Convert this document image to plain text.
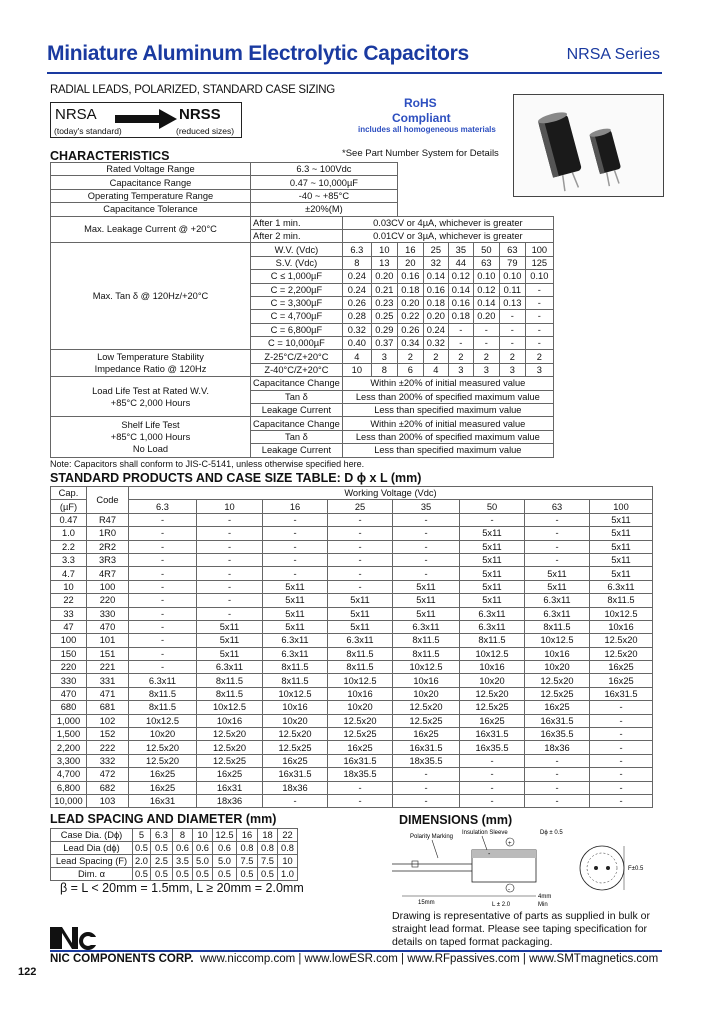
Miniature Aluminum Electrolytic Capacitors	NRSA Series
RADIAL LEADS, POLARIZED, STANDARD CASE SIZING
NRSA
(today's standard)
NRSS
(reduced sizes)
RoHS
Compliant
includes all homogeneous materials
CHARACTERISTICS	*See Part Number System for Details
Rated Voltage Range	6.3 ~ 100Vdc								
Capacitance Range	0.47 ~ 10,000µF								
Operating Temperature Range	-40 ~ +85°C								
Capacitance Tolerance	±20%(M)								
Max. Leakage Current @ +20°C	After 1 min.	0.03CV or 4µA, whichever is greater							
	After 2 min.	0.01CV or 3µA, whichever is greater							
Max. Tan δ @ 120Hz/+20°C	W.V. (Vdc)	6.3	10	16	25	35	50	63	100
	S.V. (Vdc)	8	13	20	32	44	63	79	125
	C ≤ 1,000µF	0.24	0.20	0.16	0.14	0.12	0.10	0.10	0.10
	C = 2,200µF	0.24	0.21	0.18	0.16	0.14	0.12	0.11	-
	C = 3,300µF	0.26	0.23	0.20	0.18	0.16	0.14	0.13	-
	C = 4,700µF	0.28	0.25	0.22	0.20	0.18	0.20	-	-
	C = 6,800µF	0.32	0.29	0.26	0.24	-	-	-	-
	C = 10,000µF	0.40	0.37	0.34	0.32	-	-	-	-

Low Temperature Stability
Impedance Ratio @ 120Hz	Z-25°C/Z+20°C	4	3	2	2	2	2	2	2
	Z-40°C/Z+20°C	10	8	6	4	3	3	3	3

Load Life Test at Rated W.V.
+85°C 2,000 Hours	Capacitance Change	Within ±20% of initial measured value							
	Tan δ	Less than 200% of specified maximum value							
	Leakage Current	Less than specified maximum value							

Shelf Life Test
+85°C 1,000 Hours
No Load	Capacitance Change	Within ±20% of initial measured value							
	Tan δ	Less than 200% of specified maximum value							
	Leakage Current	Less than specified maximum value							
Note: Capacitors shall conform to JIS-C-5141, unless otherwise specified here.
STANDARD PRODUCTS AND CASE SIZE TABLE: D ϕ x L (mm)
Cap.	Code	Working Voltage (Vdc)							
(µF)		6.3	10	16	25	35	50	63	100
0.47	R47	-	-	-	-	-	-	-	5x11
1.0	1R0	-	-	-	-	-	5x11	-	5x11
2.2	2R2	-	-	-	-	-	5x11	-	5x11
3.3	3R3	-	-	-	-	-	5x11	-	5x11
4.7	4R7	-	-	-	-	-	5x11	5x11	5x11
10	100	-	-	5x11	-	5x11	5x11	5x11	6.3x11
22	220	-	-	5x11	5x11	5x11	5x11	6.3x11	8x11.5
33	330	-	-	5x11	5x11	5x11	6.3x11	6.3x11	10x12.5
47	470	-	5x11	5x11	5x11	6.3x11	6.3x11	8x11.5	10x16
100	101	-	5x11	6.3x11	6.3x11	8x11.5	8x11.5	10x12.5	12.5x20
150	151	-	5x11	6.3x11	8x11.5	8x11.5	10x12.5	10x16	12.5x20
220	221	-	6.3x11	8x11.5	8x11.5	10x12.5	10x16	10x20	16x25
330	331	6.3x11	8x11.5	8x11.5	10x12.5	10x16	10x20	12.5x20	16x25
470	471	8x11.5	8x11.5	10x12.5	10x16	10x20	12.5x20	12.5x25	16x31.5
680	681	8x11.5	10x12.5	10x16	10x20	12.5x20	12.5x25	16x25	-
1,000	102	10x12.5	10x16	10x20	12.5x20	12.5x25	16x25	16x31.5	-
1,500	152	10x20	12.5x20	12.5x20	12.5x25	16x25	16x31.5	16x35.5	-
2,200	222	12.5x20	12.5x20	12.5x25	16x25	16x31.5	16x35.5	18x36	-
3,300	332	12.5x20	12.5x25	16x25	16x31.5	18x35.5	-	-	-
4,700	472	16x25	16x25	16x31.5	18x35.5	-	-	-	-
6,800	682	16x25	16x31	18x36	-	-	-	-	-
10,000	103	16x31	18x36	-	-	-	-	-	-
LEAD SPACING AND DIAMETER (mm)
Case Dia. (Dϕ)	5	6.3	8	10	12.5	16	18	22
Lead Dia (dϕ)	0.5	0.5	0.6	0.6	0.6	0.8	0.8	0.8
Lead Spacing (F)	2.0	2.5	3.5	5.0	5.0	7.5	7.5	10
Dim. α	0.5	0.5	0.5	0.5	0.5	0.5	0.5	1.0
β = L < 20mm = 1.5mm, L ≥ 20mm = 2.0mm
DIMENSIONS (mm)
Polarity Marking
Insulation Sleeve	Dϕ ± 0.5
-
+
-
15mm
4mm
Min
L ± 2.0
F±0.5
Drawing is representative of parts as supplied in bulk or straight lead format. Please see taping specification for details on taped format packaging.
NIC COMPONENTS CORP. www.niccomp.com | www.lowESR.com | www.RFpassives.com | www.SMTmagnetics.com
122
